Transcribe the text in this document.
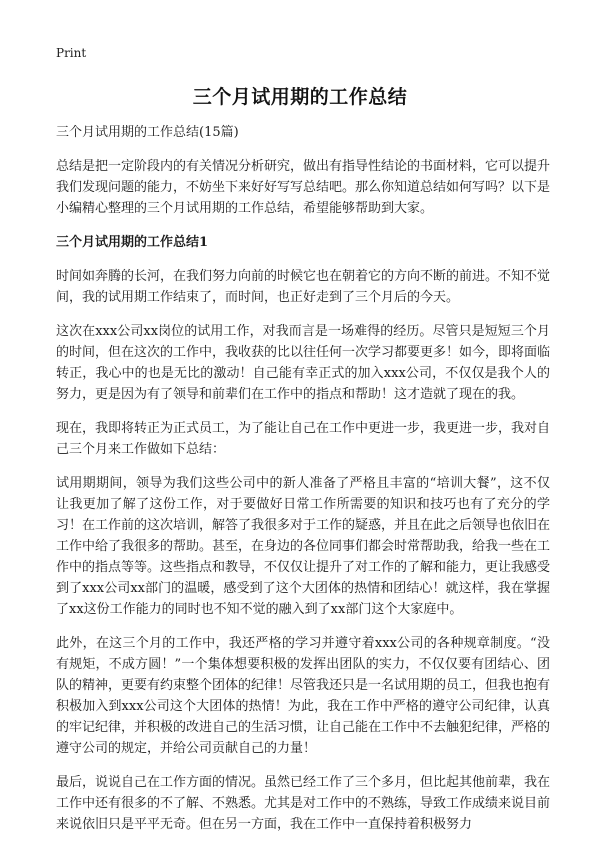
Print
三个月试用期的工作总结
三个月试用期的工作总结(15篇)

总结是把一定阶段内的有关情况分析研究，做出有指导性结论的书面材料，它可以提升我们发现问题的能力，不妨坐下来好好写写总结吧。那么你知道总结如何写吗？以下是小编精心整理的三个月试用期的工作总结，希望能够帮助到大家。

三个月试用期的工作总结1

时间如奔腾的长河，在我们努力向前的时候它也在朝着它的方向不断的前进。不知不觉间，我的试用期工作结束了，而时间，也正好走到了三个月后的今天。

这次在xxx公司xx岗位的试用工作，对我而言是一场难得的经历。尽管只是短短三个月的时间，但在这次的工作中，我收获的比以往任何一次学习都要更多！如今，即将面临转正，我心中的也是无比的激动！自己能有幸正式的加入xxx公司，不仅仅是我个人的努力，更是因为有了领导和前辈们在工作中的指点和帮助！这才造就了现在的我。

现在，我即将转正为正式员工，为了能让自己在工作中更进一步，我更进一步，我对自己三个月来工作做如下总结：

试用期期间，领导为我们这些公司中的新人准备了严格且丰富的“培训大餐”，这不仅让我更加了解了这份工作，对于要做好日常工作所需要的知识和技巧也有了充分的学习！在工作前的这次培训，解答了我很多对于工作的疑惑，并且在此之后领导也依旧在工作中给了我很多的帮助。甚至，在身边的各位同事们都会时常帮助我，给我一些在工作中的指点等等。这些指点和教导，不仅仅让提升了对工作的了解和能力，更让我感受到了xxx公司xx部门的温暖，感受到了这个大团体的热情和团结心！就这样，我在掌握了xx这份工作能力的同时也不知不觉的融入到了xx部门这个大家庭中。

此外，在这三个月的工作中，我还严格的学习并遵守着xxx公司的各种规章制度。“没有规矩，不成方圆！”一个集体想要积极的发挥出团队的实力，不仅仅要有团结心、团队的精神，更要有约束整个团体的纪律！尽管我还只是一名试用期的员工，但我也抱有积极加入到xxx公司这个大团体的热情！为此，我在工作中严格的遵守公司纪律，认真的牢记纪律，并积极的改进自己的生活习惯，让自己能在工作中不去触犯纪律，严格的遵守公司的规定，并给公司贡献自己的力量！

最后，说说自己在工作方面的情况。虽然已经工作了三个多月，但比起其他前辈，我在工作中还有很多的不了解、不熟悉。尤其是对工作中的不熟练，导致工作成绩来说目前来说依旧只是平平无奇。但在另一方面，我在工作中一直保持着积极努力
